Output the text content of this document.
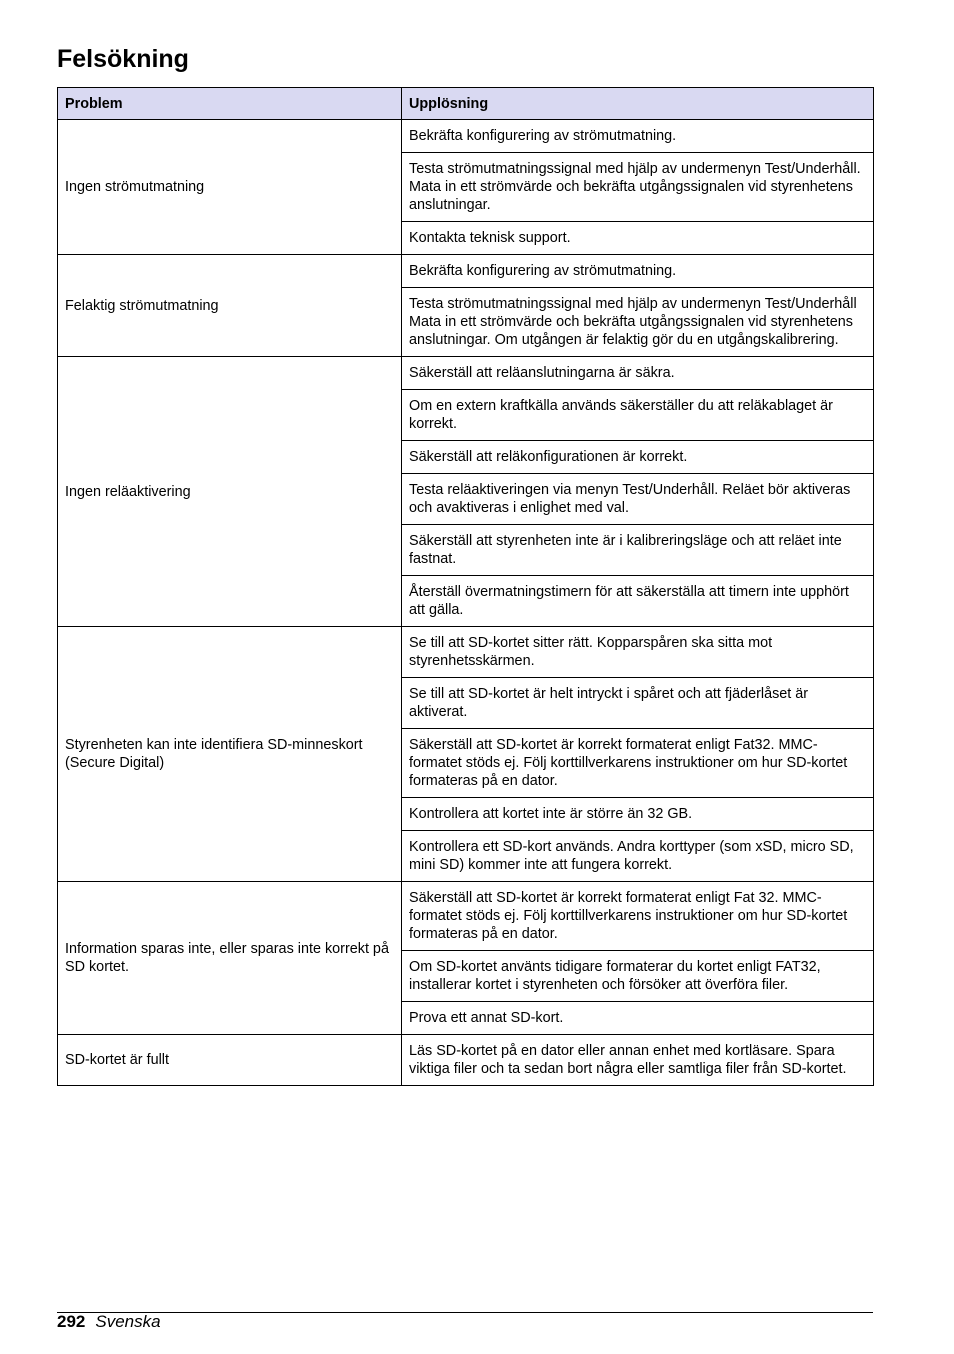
Felsökning
Problem	Upplösning
Ingen strömutmatning	Bekräfta konfigurering av strömutmatning.
	Testa strömutmatningssignal med hjälp av undermenyn Test/Underhåll. Mata in ett strömvärde och bekräfta utgångssignalen vid styrenhetens anslutningar.
	Kontakta teknisk support.
Felaktig strömutmatning	Bekräfta konfigurering av strömutmatning.
	Testa strömutmatningssignal med hjälp av undermenyn Test/Underhåll Mata in ett strömvärde och bekräfta utgångssignalen vid styrenhetens anslutningar. Om utgången är felaktig gör du en utgångskalibrering.
Ingen reläaktivering	Säkerställ att reläanslutningarna är säkra.
	Om en extern kraftkälla används säkerställer du att reläkablaget är korrekt.
	Säkerställ att reläkonfigurationen är korrekt.
	Testa reläaktiveringen via menyn Test/Underhåll. Reläet bör aktiveras och avaktiveras i enlighet med val.
	Säkerställ att styrenheten inte är i kalibreringsläge och att reläet inte fastnat.
	Återställ övermatningstimern för att säkerställa att timern inte upphört att gälla.
Styrenheten kan inte identifiera SD-minneskort (Secure Digital)	Se till att SD-kortet sitter rätt. Kopparspåren ska sitta mot styrenhetsskärmen.
	Se till att SD-kortet är helt intryckt i spåret och att fjäderlåset är aktiverat.
	Säkerställ att SD-kortet är korrekt formaterat enligt Fat32. MMC-formatet stöds ej. Följ korttillverkarens instruktioner om hur SD-kortet formateras på en dator.
	Kontrollera att kortet inte är större än 32 GB.
	Kontrollera ett SD-kort används. Andra korttyper (som xSD, micro SD, mini SD) kommer inte att fungera korrekt.
Information sparas inte, eller sparas inte korrekt på SD kortet.	Säkerställ att SD-kortet är korrekt formaterat enligt Fat 32. MMC-formatet stöds ej. Följ korttillverkarens instruktioner om hur SD-kortet formateras på en dator.
	Om SD-kortet använts tidigare formaterar du kortet enligt FAT32, installerar kortet i styrenheten och försöker att överföra filer.
	Prova ett annat SD-kort.
SD-kortet är fullt	Läs SD-kortet på en dator eller annan enhet med kortläsare. Spara viktiga filer och ta sedan bort några eller samtliga filer från SD-kortet.
292 Svenska
